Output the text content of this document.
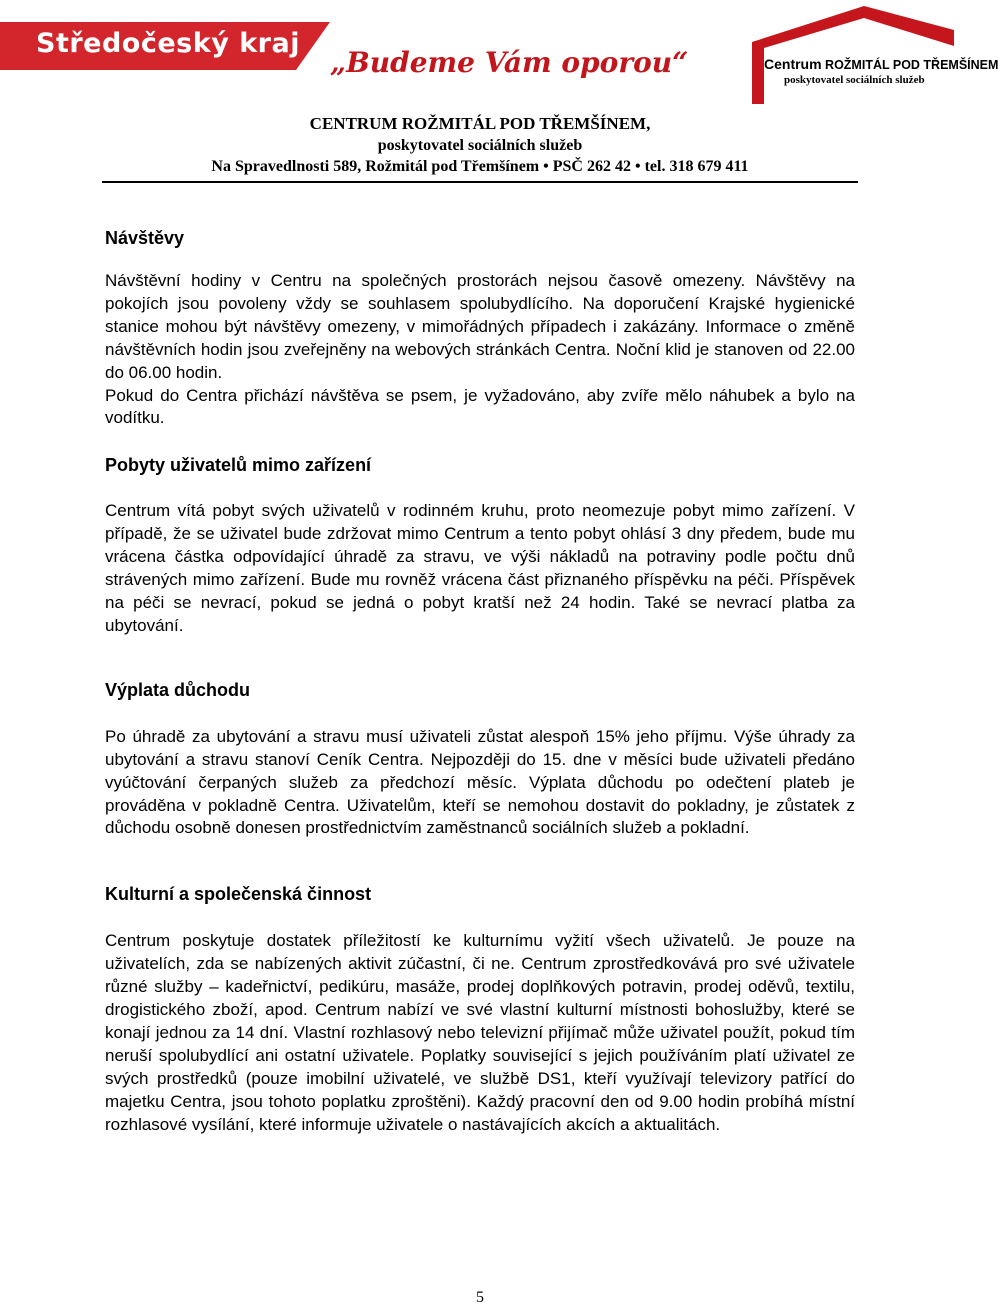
Středočeský kraj
„Budeme Vám oporou“	Centrum ROŽMITÁL POD TŘEMŠÍNEM
poskytovatel sociálních služeb
CENTRUM ROŽMITÁL POD TŘEMŠÍNEM,
poskytovatel sociálních služeb
Na Spravedlnosti 589, Rožmitál pod Třemšínem • PSČ 262 42 • tel. 318 679 411
Návštěvy

Návštěvní hodiny v Centru na společných prostorách nejsou časově omezeny. Návštěvy na pokojích jsou povoleny vždy se souhlasem spolubydlícího. Na doporučení Krajské hygienické stanice mohou být návštěvy omezeny, v mimořádných případech i zakázány. Informace o změně návštěvních hodin jsou zveřejněny na webových stránkách Centra. Noční klid je stanoven od 22.00 do 06.00 hodin.

Pokud do Centra přichází návštěva se psem, je vyžadováno, aby zvíře mělo náhubek a bylo na vodítku.

Pobyty uživatelů mimo zařízení

Centrum vítá pobyt svých uživatelů v rodinném kruhu, proto neomezuje pobyt mimo zařízení. V případě, že se uživatel bude zdržovat mimo Centrum a tento pobyt ohlásí 3 dny předem, bude mu vrácena částka odpovídající úhradě za stravu, ve výši nákladů na potraviny podle počtu dnů strávených mimo zařízení. Bude mu rovněž vrácena část přiznaného příspěvku na péči. Příspěvek na péči se nevrací, pokud se jedná o pobyt kratší než 24 hodin. Také se nevrací platba za ubytování.

Výplata důchodu

Po úhradě za ubytování a stravu musí uživateli zůstat alespoň 15% jeho příjmu. Výše úhrady za ubytování a stravu stanoví Ceník Centra. Nejpozději do 15. dne v měsíci bude uživateli předáno vyúčtování čerpaných služeb za předchozí měsíc. Výplata důchodu po odečtení plateb je prováděna v pokladně Centra. Uživatelům, kteří se nemohou dostavit do pokladny, je zůstatek z důchodu osobně donesen prostřednictvím zaměstnanců sociálních služeb a pokladní.

Kulturní a společenská činnost

Centrum poskytuje dostatek příležitostí ke kulturnímu vyžití všech uživatelů. Je pouze na uživatelích, zda se nabízených aktivit zúčastní, či ne. Centrum zprostředkovává pro své uživatele různé služby – kadeřnictví, pedikúru, masáže, prodej doplňkových potravin, prodej oděvů, textilu, drogistického zboží, apod. Centrum nabízí ve své vlastní kulturní místnosti bohoslužby, které se konají jednou za 14 dní. Vlastní rozhlasový nebo televizní přijímač může uživatel použít, pokud tím neruší spolubydlící ani ostatní uživatele. Poplatky související s jejich používáním platí uživatel ze svých prostředků (pouze imobilní uživatelé, ve službě DS1, kteří využívají televizory patřící do majetku Centra, jsou tohoto poplatku zproštěni). Každý pracovní den od 9.00 hodin probíhá místní rozhlasové vysílání, které informuje uživatele o nastávajících akcích a aktualitách.

5
